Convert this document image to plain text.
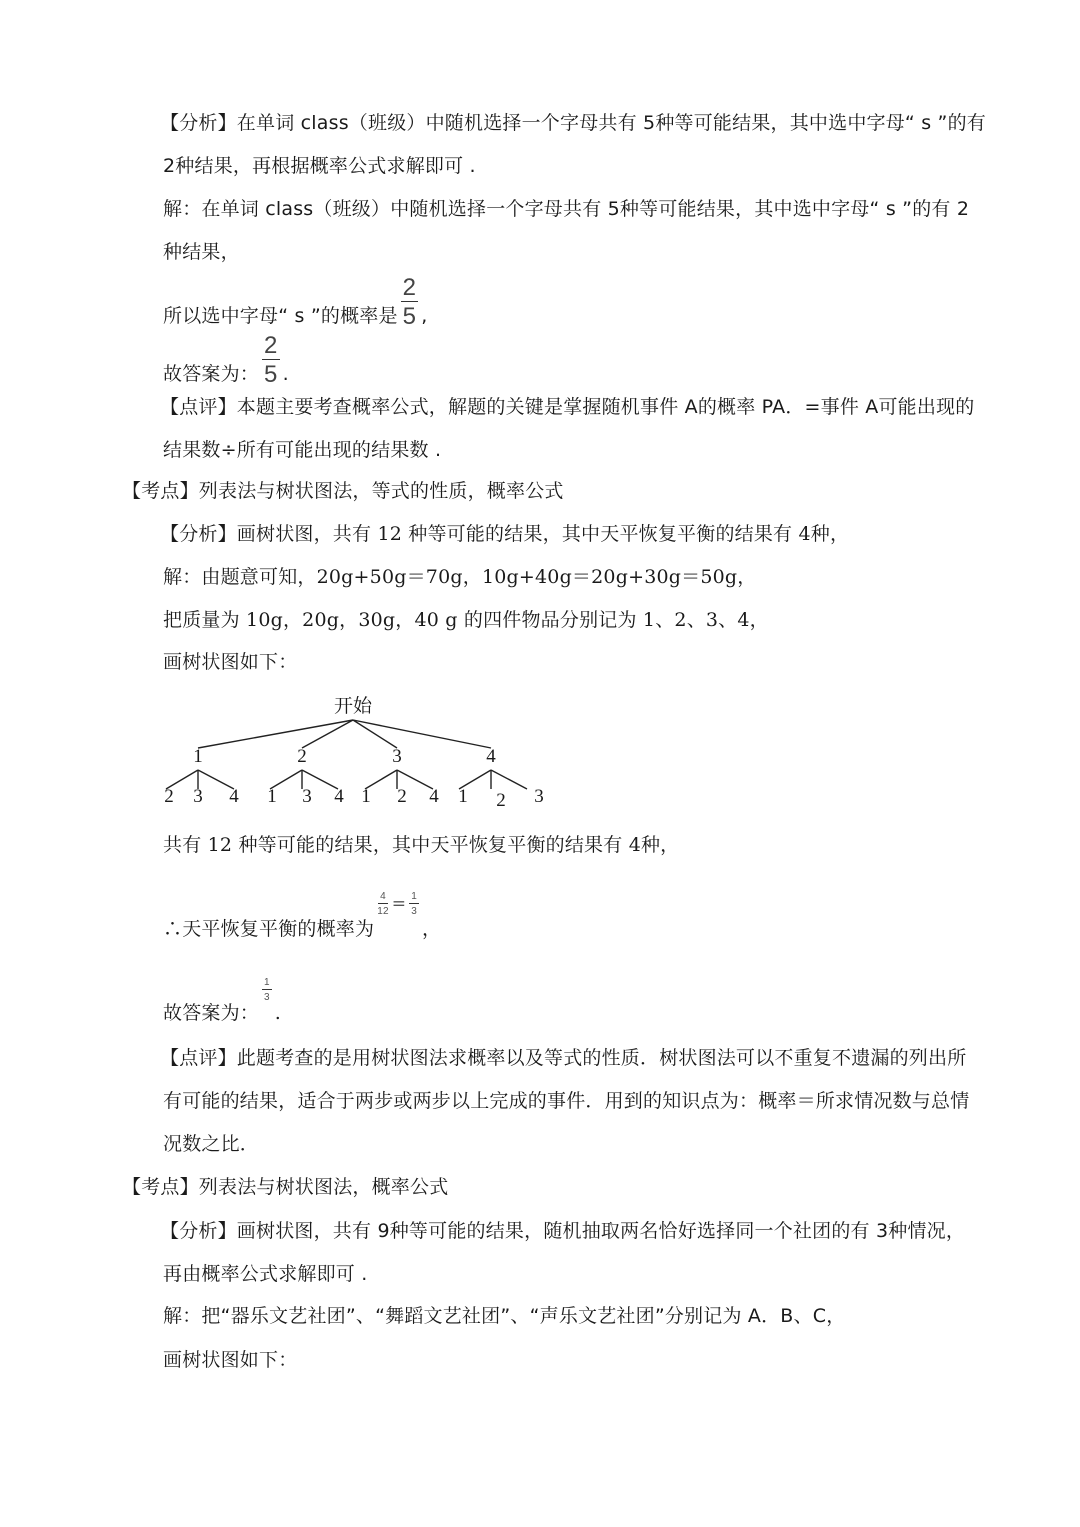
【分析】在单词 class（班级）中随机选择一个字母共有 5种等可能结果，其中选中字母“ s ”的有
2种结果，再根据概率公式求解即可 .
解：在单词 class（班级）中随机选择一个字母共有 5种等可能结果，其中选中字母“ s ”的有 2
种结果，
所以选中字母“ s ”的概率是 $\frac{2}{5}$ ,
故答案为： $\frac{2}{5}$ .
【点评】本题主要考查概率公式，解题的关键是掌握随机事件 A的概率 PA．=事件 A可能出现的
结果数÷所有可能出现的结果数 .
【考点】列表法与树状图法，等式的性质，概率公式
【分析】画树状图，共有 12 种等可能的结果，其中天平恢复平衡的结果有 4种，
解：由题意可知，20g+50g＝70g，10g+40g＝20g+30g＝50g，
把质量为 10g，20g，30g，40 g 的四件物品分别记为 1、2、3、4，
画树状图如下：
开始
1
2 3 4
2
1 3 4
3
1 2 4
4
1 2 3
共有 12 种等可能的结果，其中天平恢复平衡的结果有 4种，
∴天平恢复平衡的概率为
$\frac{4}{12} = \frac{1}{3}$
，
故答案为：
$\frac{1}{3}$
.
【点评】此题考查的是用树状图法求概率以及等式的性质．树状图法可以不重复不遗漏的列出所
有可能的结果，适合于两步或两步以上完成的事件．用到的知识点为：概率＝所求情况数与总情
况数之比．
【考点】列表法与树状图法，概率公式
【分析】画树状图，共有 9种等可能的结果，随机抽取两名恰好选择同一个社团的有 3种情况，
再由概率公式求解即可 .
解：把“器乐文艺社团”、“舞蹈文艺社团”、“声乐文艺社团”分别记为 A．B、C，
画树状图如下：
